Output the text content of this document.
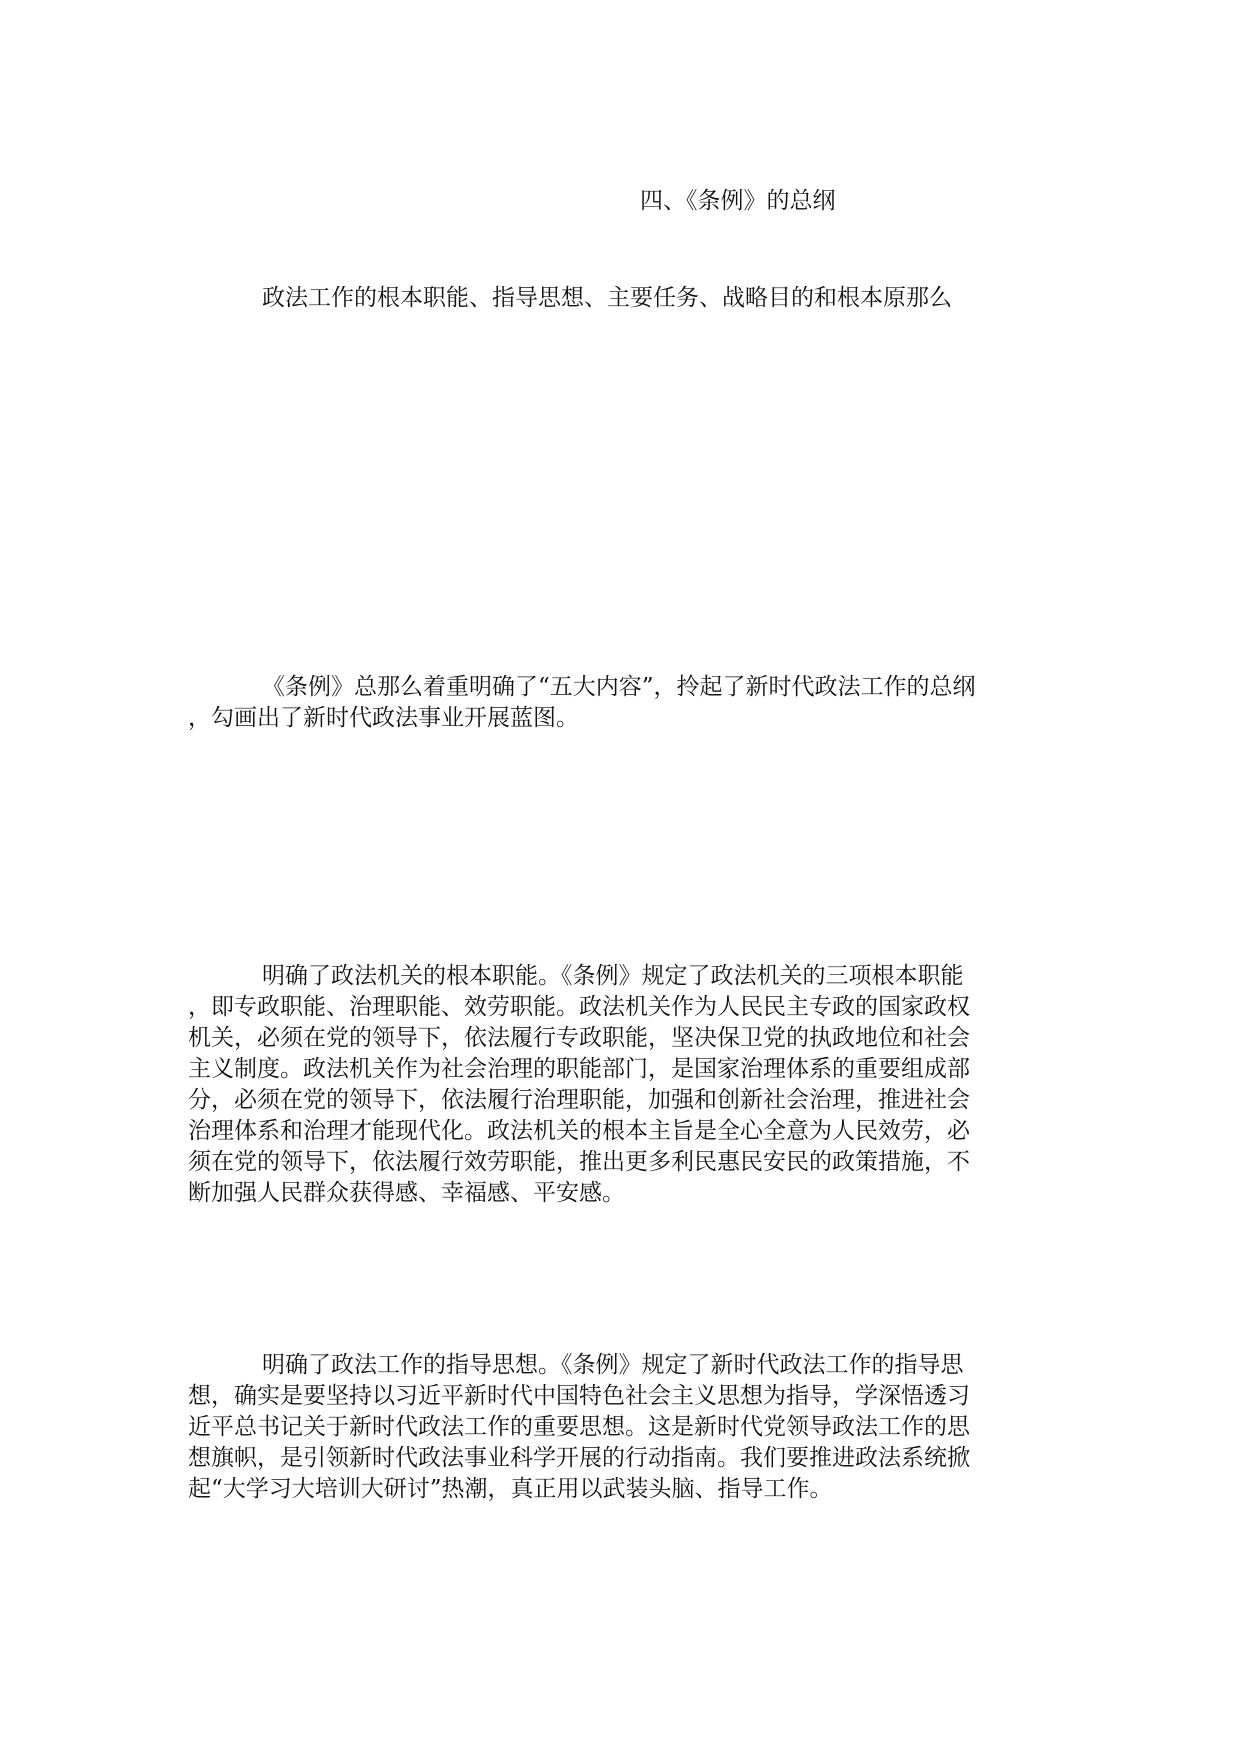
四、《条例》的总纲
政法工作的根本职能、指导思想、主要任务、战略目的和根本原那么
《条例》总那么着重明确了“五大内容”，拎起了新时代政法工作的总纲
，勾画出了新时代政法事业开展蓝图。
明确了政法机关的根本职能。《条例》规定了政法机关的三项根本职能
，即专政职能、治理职能、效劳职能。政法机关作为人民民主专政的国家政权
机关，必须在党的领导下，依法履行专政职能，坚决保卫党的执政地位和社会
主义制度。政法机关作为社会治理的职能部门，是国家治理体系的重要组成部
分，必须在党的领导下，依法履行治理职能，加强和创新社会治理，推进社会
治理体系和治理才能现代化。政法机关的根本主旨是全心全意为人民效劳，必
须在党的领导下，依法履行效劳职能，推出更多利民惠民安民的政策措施，不
断加强人民群众获得感、幸福感、平安感。
明确了政法工作的指导思想。《条例》规定了新时代政法工作的指导思
想，确实是要坚持以习近平新时代中国特色社会主义思想为指导，学深悟透习
近平总书记关于新时代政法工作的重要思想。这是新时代党领导政法工作的思
想旗帜，是引领新时代政法事业科学开展的行动指南。我们要推进政法系统掀
起“大学习大培训大研讨”热潮，真正用以武装头脑、指导工作。
